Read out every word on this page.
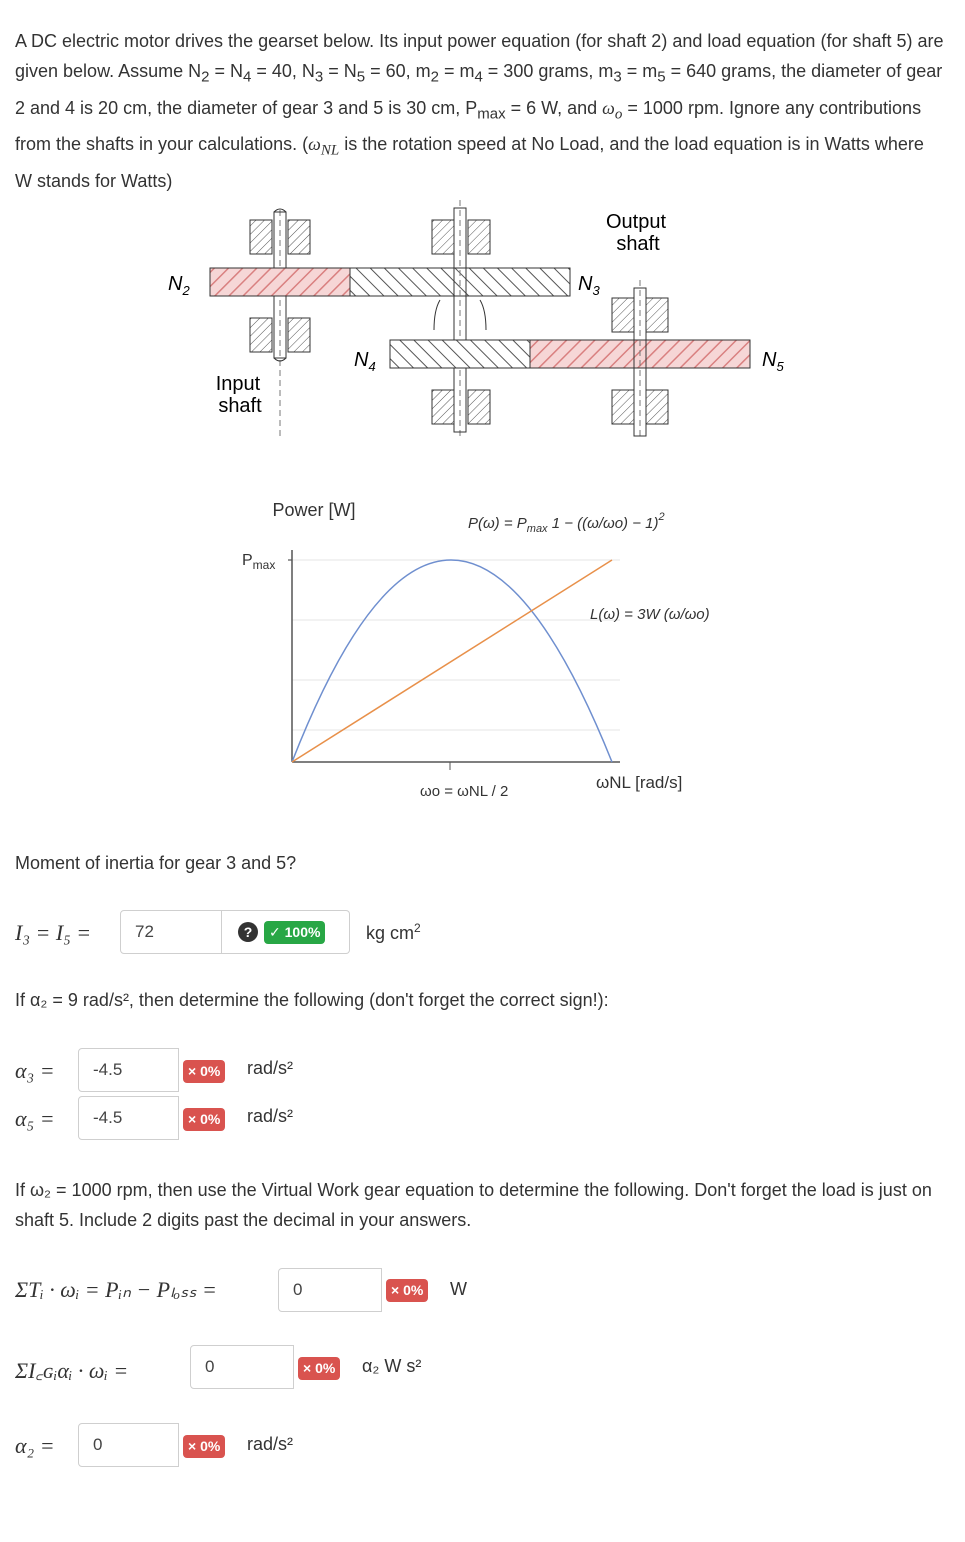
A DC electric motor drives the gearset below. Its input power equation (for shaft 2) and load equation (for shaft 5) are given below. Assume $N_2 = N_4 = 40$, $N_3 = N_5 = 60$, $m_2 = m_4 = 300$ grams, $m_3 = m_5 = 640$ grams, the diameter of gear 2 and 4 is 20 cm, the diameter of gear 3 and 5 is 30 cm, $P_{max} = 6$ W, and $\omega_o = 1000$ rpm. Ignore any contributions from the shafts in your calculations. ($\omega_{NL}$ is the rotation speed at No Load, and the load equation is in Watts where W stands for Watts)
$N_2$	$N_3$
$N_4$	$N_5$
Input
shaft
Output
shaft
Power [W]
$P_{max}$
$P(\omega) = P_{max}$ $1 - ((\omega/\omega o) - 1)^2$
L(ω) = 3W (ω/ωo)
ωo = ωNL / 2	ωNL [rad/s]
Moment of inertia for gear 3 and 5?
I₃ = I₅ =
72	?	✓ 100%	kg $cm^2$
If α₂ = 9 rad/s², then determine the following (don't forget the correct sign!):
α₃ =
-4.5	× 0% rad/s²
α₅ =
-4.5	× 0% rad/s²
If ω₂ = 1000 rpm, then use the Virtual Work gear equation to determine the following. Don't forget the load is just on shaft 5. Include 2 digits past the decimal in your answers.
ΣTᵢ · ωᵢ = Pᵢₙ − Pₗₒₛₛ =
0	× 0% W
ΣI꜀ɢᵢαᵢ · ωᵢ =
0	× 0% α₂ W s²
α₂ =
0	× 0% rad/s²
